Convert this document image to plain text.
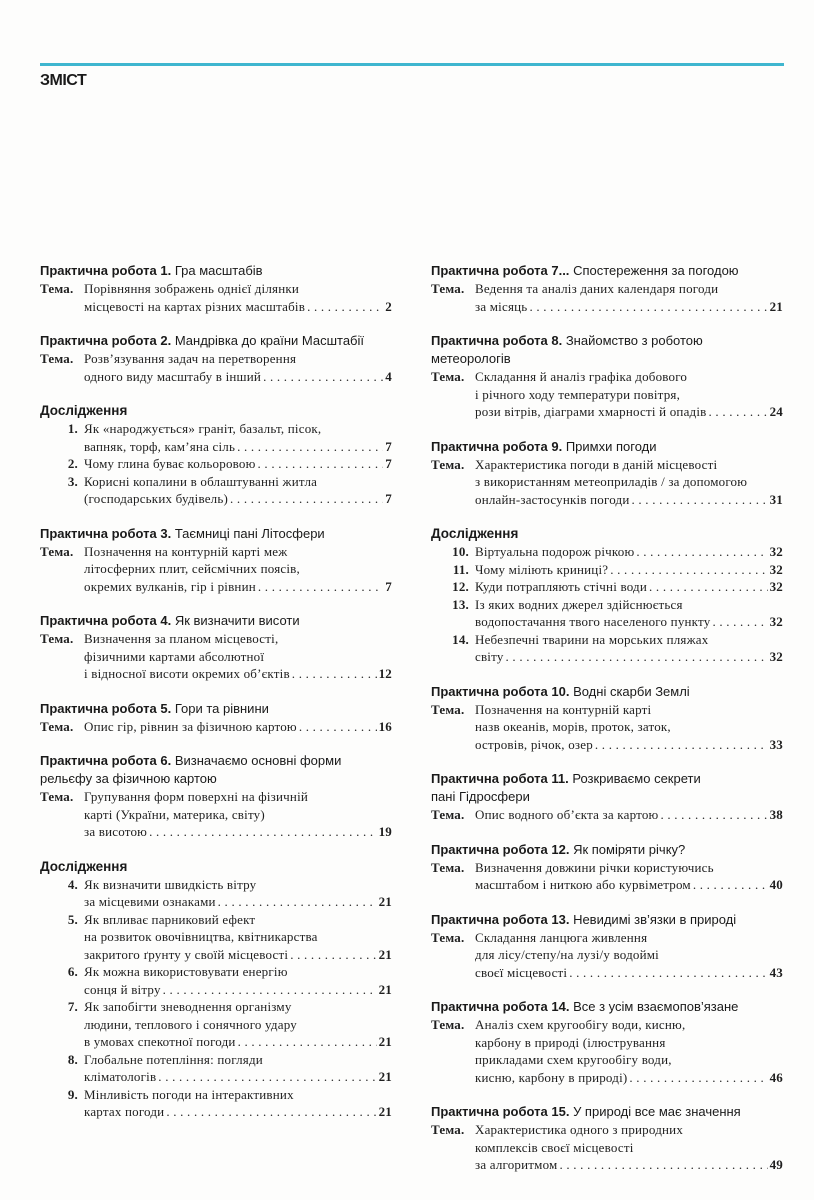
ЗМІСТ
Практична робота 1. Гра масштабів
Тема. Порівняння зображень однієї ділянки
місцевості на картах різних масштабів . . .	2
Практична робота 2. Мандрівка до країни Масштабії
Тема. Розв’язування задач на перетворення
одного виду масштабу в інший . . .	4
Дослідження
1. Як «народжується» граніт, базальт, пісок,
вапняк, торф, кам’яна сіль . . .	7
2. Чому глина буває кольоровою . . .	7
3. Корисні копалини в облаштуванні житла
(господарських будівель) . . .	7
Практична робота 3. Таємниці пані Літосфери
Тема. Позначення на контурній карті меж
літосферних плит, сейсмічних поясів,
окремих вулканів, гір і рівнин . . .	7
Практична робота 4. Як визначити висоти
Тема. Визначення за планом місцевості,
фізичними картами абсолютної
і відносної висоти окремих об’єктів . . .	12
Практична робота 5. Гори та рівнини
Тема. Опис гір, рівнин за фізичною картою . . .	16
Практична робота 6. Визначаємо основні форми
рельєфу за фізичною картою
Тема. Групування форм поверхні на фізичній
карті (України, материка, світу)
за висотою . . .	19
Дослідження
4. Як визначити швидкість вітру
за місцевими ознаками . . .	21
5. Як впливає парниковий ефект
на розвиток овочівництва, квітникарства
закритого ґрунту у своїй місцевості . . .	21
6. Як можна використовувати енергію
сонця й вітру . . .	21
7. Як запобігти зневоднення організму
людини, теплового і сонячного удару
в умовах спекотної погоди . . .	21
8. Глобальне потепління: погляди
кліматологів . . .	21
9. Мінливість погоди на інтерактивних
картах погоди . . .	21
Практична робота 7... Спостереження за погодою
Тема. Ведення та аналіз даних календаря погоди
за місяць . . .	21
Практична робота 8. Знайомство з роботою
метеорологів
Тема. Складання й аналіз графіка добового
і річного ходу температури повітря,
рози вітрів, діаграми хмарності й опадів . . .	24
Практична робота 9. Примхи погоди
Тема. Характеристика погоди в даній місцевості
з використанням метеоприладів / за допомогою
онлайн-застосунків погоди . . .	31
Дослідження
10. Віртуальна подорож річкою . . .	32
11. Чому міліють криниці? . . .	32
12. Куди потрапляють стічні води . . .	32
13. Із яких водних джерел здійснюється
водопостачання твого населеного пункту . . .	32
14. Небезпечні тварини на морських пляжах
світу . . .	32
Практична робота 10. Водні скарби Землі
Тема. Позначення на контурній карті
назв океанів, морів, проток, заток,
островів, річок, озер . . .	33
Практична робота 11. Розкриваємо секрети
пані Гідросфери
Тема. Опис водного об’єкта за картою . . .	38
Практична робота 12. Як поміряти річку?
Тема. Визначення довжини річки користуючись
масштабом і ниткою або курвіметром . . .	40
Практична робота 13. Невидимі зв’язки в природі
Тема. Складання ланцюга живлення
для лісу/степу/на лузі/у водоймі
своєї місцевості . . .	43
Практична робота 14. Все з усім взаємопов’язане
Тема. Аналіз схем кругообігу води, кисню,
карбону в природі (ілюстрування
прикладами схем кругообігу води,
кисню, карбону в природі) . . .	46
Практична робота 15. У природі все має значення
Тема. Характеристика одного з природних
комплексів своєї місцевості
за алгоритмом . . .	49
